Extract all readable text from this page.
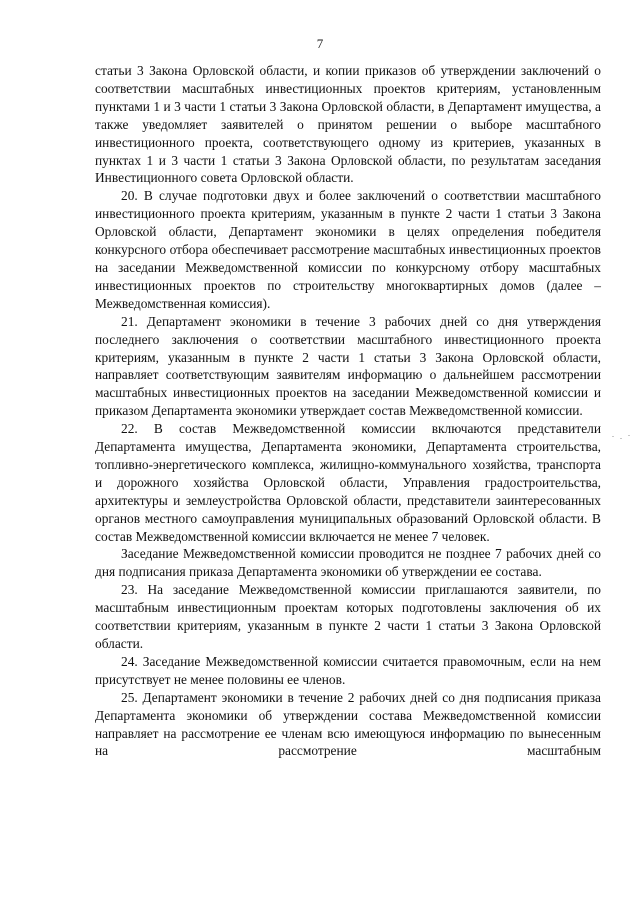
7

статьи 3 Закона Орловской области, и копии приказов об утверждении заключений о соответствии масштабных инвестиционных проектов критериям, установленным пунктами 1 и 3 части 1 статьи 3 Закона Орловской области, в Департамент имущества, а также уведомляет заявителей о принятом решении о выборе масштабного инвестиционного проекта, соответствующего одному из критериев, указанных в пунктах 1 и 3 части 1 статьи 3 Закона Орловской области, по результатам заседания Инвестиционного совета Орловской области.

20. В случае подготовки двух и более заключений о соответствии масштабного инвестиционного проекта критериям, указанным в пункте 2 части 1 статьи 3 Закона Орловской области, Департамент экономики в целях определения победителя конкурсного отбора обеспечивает рассмотрение масштабных инвестиционных проектов на заседании Межведомственной комиссии по конкурсному отбору масштабных инвестиционных проектов по строительству многоквартирных домов (далее – Межведомственная комиссия).

21. Департамент экономики в течение 3 рабочих дней со дня утверждения последнего заключения о соответствии масштабного инвестиционного проекта критериям, указанным в пункте 2 части 1 статьи 3 Закона Орловской области, направляет соответствующим заявителям информацию о дальнейшем рассмотрении масштабных инвестиционных проектов на заседании Межведомственной комиссии и приказом Департамента экономики утверждает состав Межведомственной комиссии.

22. В состав Межведомственной комиссии включаются представители Департамента имущества, Департамента экономики, Департамента строительства, топливно-энергетического комплекса, жилищно-коммунального хозяйства, транспорта и дорожного хозяйства Орловской области, Управления градостроительства, архитектуры и землеустройства Орловской области, представители заинтересованных органов местного самоуправления муниципальных образований Орловской области. В состав Межведомственной комиссии включается не менее 7 человек.

Заседание Межведомственной комиссии проводится не позднее 7 рабочих дней со дня подписания приказа Департамента экономики об утверждении ее состава.

23. На заседание Межведомственной комиссии приглашаются заявители, по масштабным инвестиционным проектам которых подготовлены заключения об их соответствии критериям, указанным в пункте 2 части 1 статьи 3 Закона Орловской области.

24. Заседание Межведомственной комиссии считается правомочным, если на нем присутствует не менее половины ее членов.

25. Департамент экономики в течение 2 рабочих дней со дня подписания приказа Департамента экономики об утверждении состава Межведомственной комиссии направляет на рассмотрение ее членам всю имеющуюся информацию по вынесенным на рассмотрение масштабным
